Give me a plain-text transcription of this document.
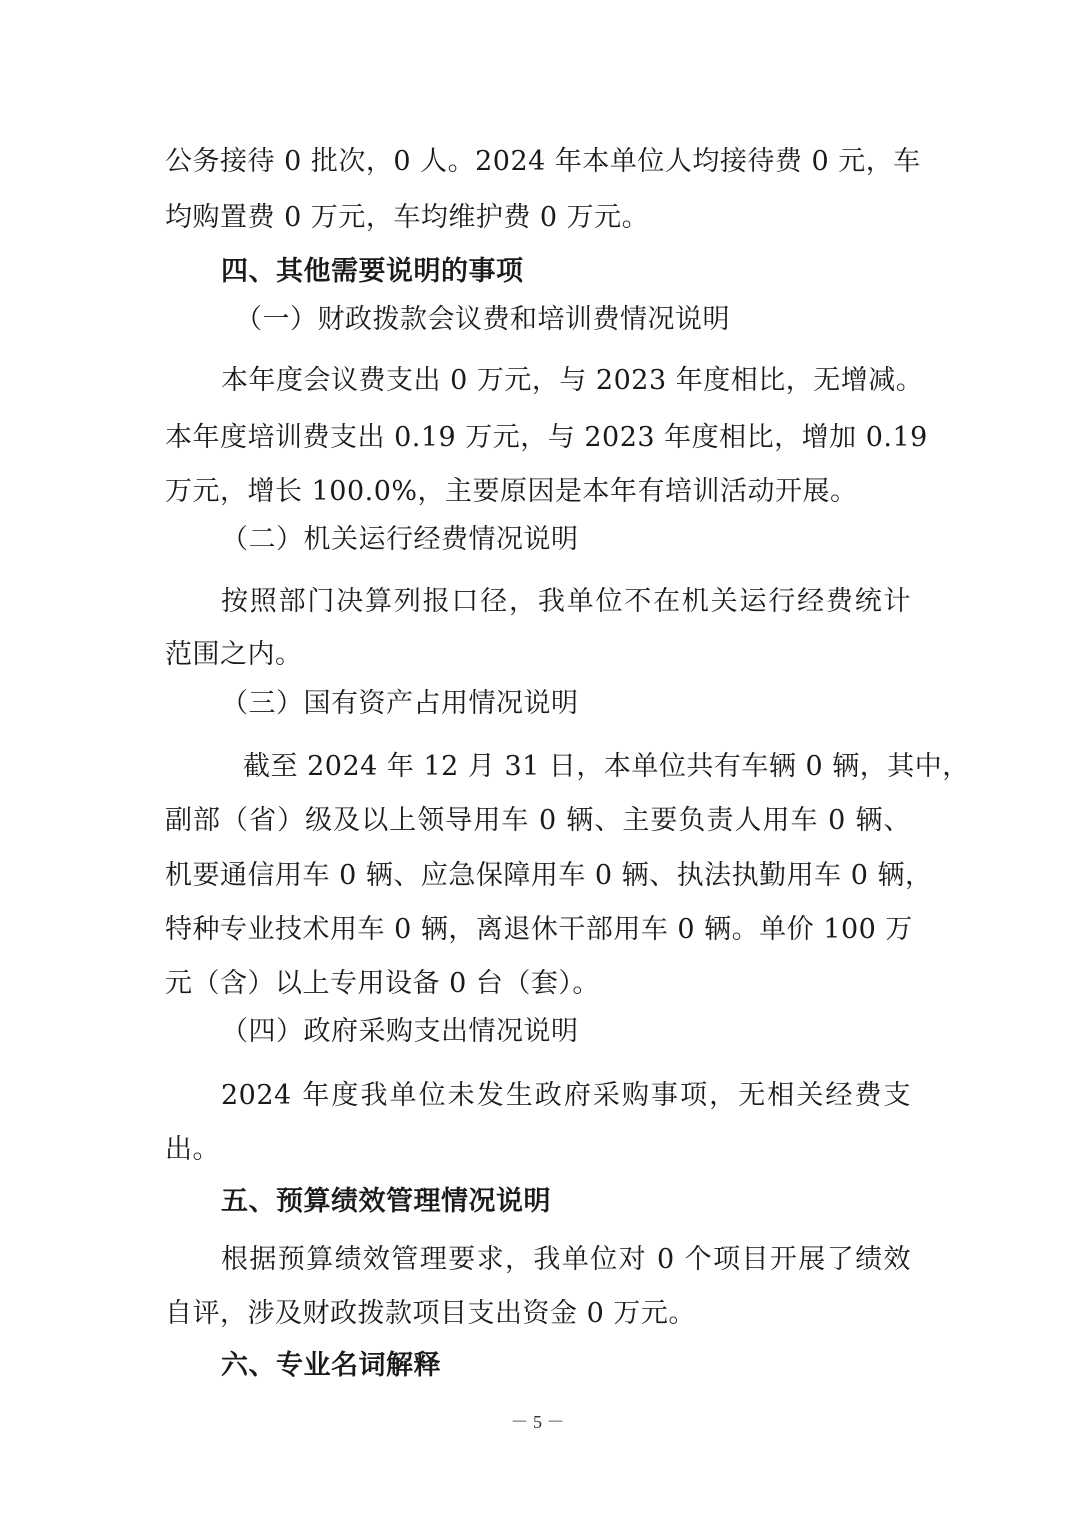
公务接待 0 批次，0 人。2024 年本单位人均接待费 0 元，车

均购置费 0 万元，车均维护费 0 万元。

四、其他需要说明的事项

（一）财政拨款会议费和培训费情况说明

本年度会议费支出 0 万元，与 2023 年度相比，无增减。

本年度培训费支出 0.19 万元，与 2023 年度相比，增加 0.19

万元，增长 100.0%，主要原因是本年有培训活动开展。

（二）机关运行经费情况说明

按照部门决算列报口径，我单位不在机关运行经费统计

范围之内。

（三）国有资产占用情况说明

截至 2024 年 12 月 31 日，本单位共有车辆 0 辆，其中，

副部（省）级及以上领导用车 0 辆、主要负责人用车 0 辆、

机要通信用车 0 辆、应急保障用车 0 辆、执法执勤用车 0 辆，

特种专业技术用车 0 辆，离退休干部用车 0 辆。单价 100 万

元（含）以上专用设备 0 台（套）。

（四）政府采购支出情况说明

2024 年度我单位未发生政府采购事项，无相关经费支

出。

五、预算绩效管理情况说明

根据预算绩效管理要求，我单位对 0 个项目开展了绩效

自评，涉及财政拨款项目支出资金 0 万元。

六、专业名词解释

－ 5 －
